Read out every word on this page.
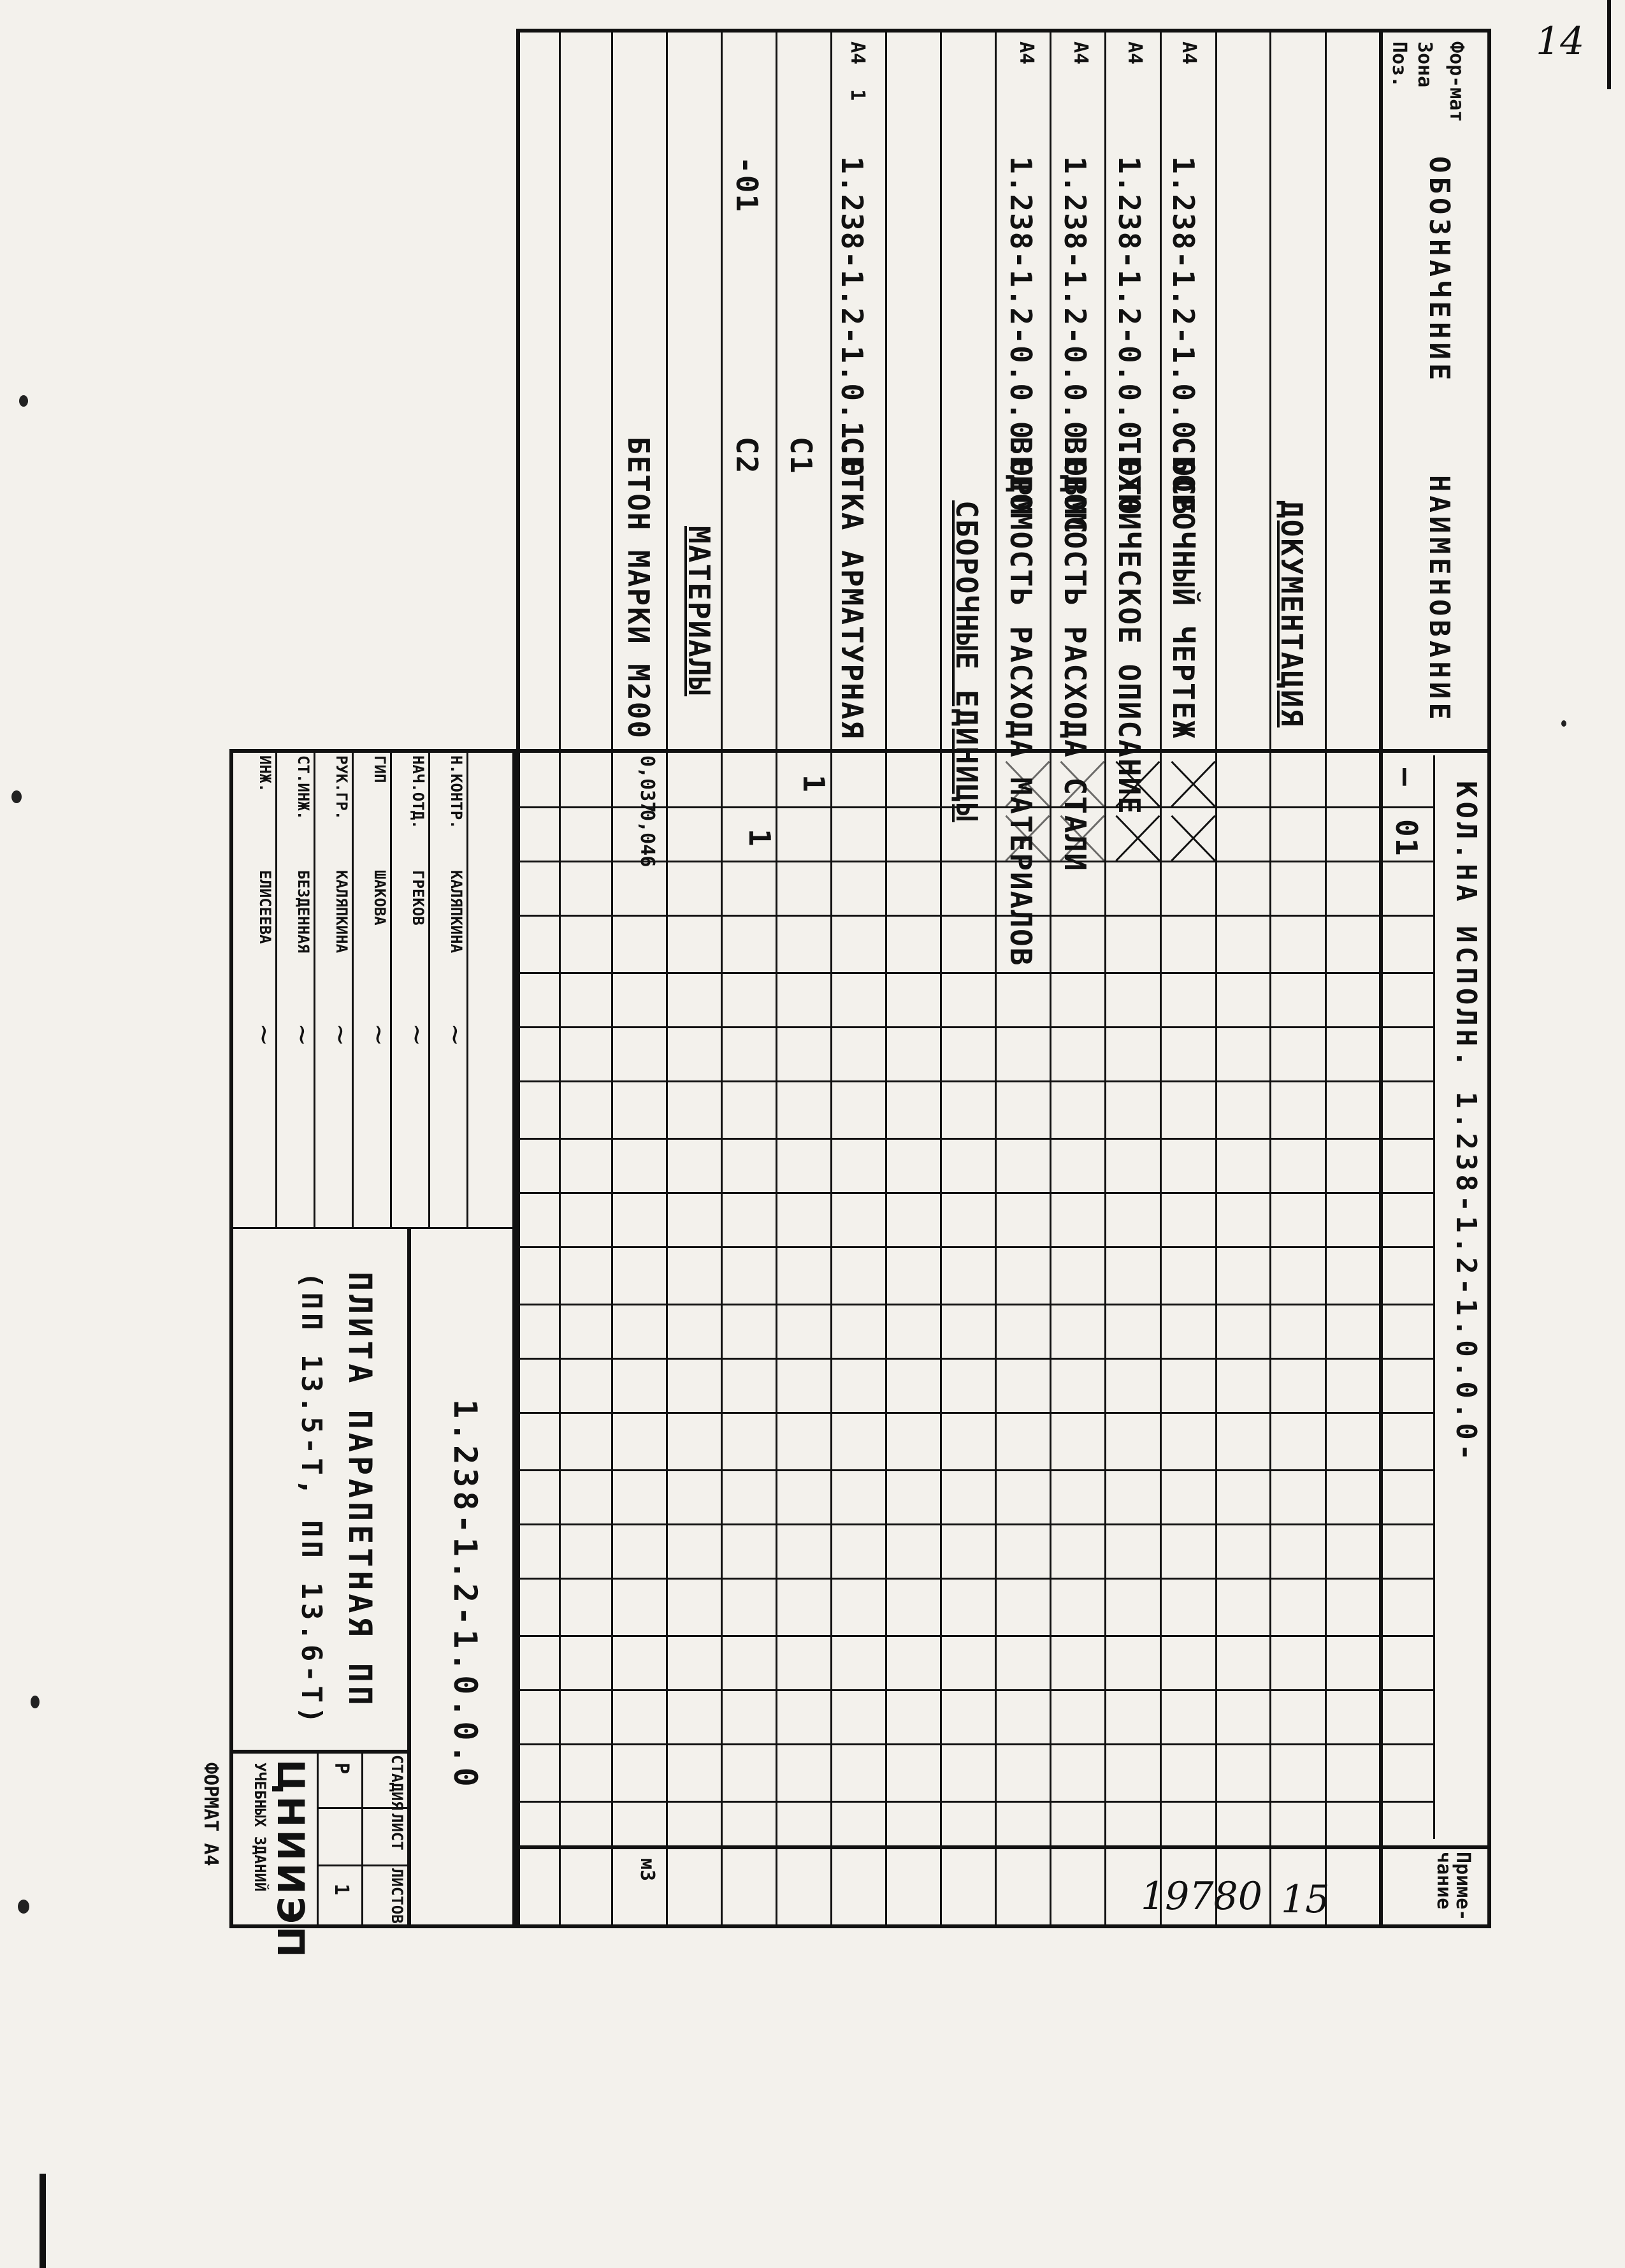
14
19780 15
КОЛ.НА ИСПОЛН. 1.238-1.2-1.0.0.0-
—
01
Приме-чание
1
1
0,037
0,046
м3
1.238-1.2-1.0.0.0
ПЛИТА ПАРАПЕТНАЯ ПП
(ПП 13.5-Т, ПП 13.6-Т)
СТАДИЯ
ЛИСТ
ЛИСТОВ
Р
1
ЦНИИЭП
УЧЕБНЫХ ЗДАНИЙ
ФОРМАТ А4
Фор-мат
Зона
Поз.
ОБОЗНАЧЕНИЕ
НАИМЕНОВАНИЕ
ДОКУМЕНТАЦИЯ
СБОРОЧНЫЕ ЕДИНИЦЫ
МАТЕРИАЛЫ
А4
1.238-1.2-1.0.0.0СБ
СБОРОЧНЫЙ ЧЕРТЕЖ
А4
1.238-1.2-0.0.0.0ТО
ТЕХНИЧЕСКОЕ ОПИСАНИЕ
А4
1.238-1.2-0.0.0.0ВМС
ВЕДОМОСТЬ РАСХОДА СТАЛИ
А4
1.238-1.2-0.0.0.0РМ
ВЕДОМОСТЬ РАСХОДА МАТЕРИАЛОВ
А4
1
1.238-1.2-1.0.1.0
СЕТКА АРМАТУРНАЯ
С1
-01
С2
БЕТОН МАРКИ М200
Н.КОНТР.
КАЛЯПКИНА
~
НАЧ.ОТД.
ГРЕКОВ
~
ГИП
ШАКОВА
~
РУК.ГР.
КАЛЯПКИНА
~
СТ.ИНЖ.
БЕЗДЕННАЯ
~
ИНЖ.
ЕЛИСЕЕВА
~
